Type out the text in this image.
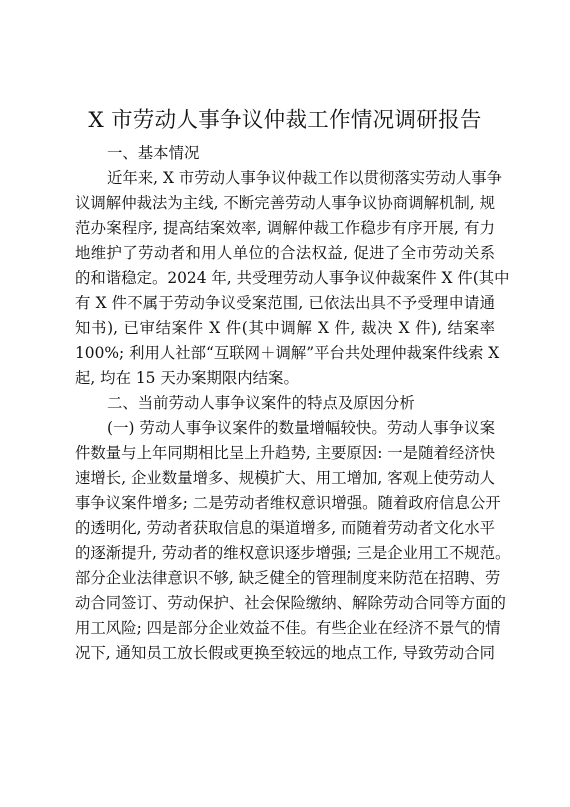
X 市劳动人事争议仲裁工作情况调研报告
一、基本情况
近年来, X 市劳动人事争议仲裁工作以贯彻落实劳动人事争
议调解仲裁法为主线, 不断完善劳动人事争议协商调解机制, 规
范办案程序, 提高结案效率, 调解仲裁工作稳步有序开展, 有力
地维护了劳动者和用人单位的合法权益, 促进了全市劳动关系
的和谐稳定。2024 年, 共受理劳动人事争议仲裁案件 X 件(其中
有 X 件不属于劳动争议受案范围, 已依法出具不予受理申请通
知书), 已审结案件 X 件(其中调解 X 件, 裁决 X 件), 结案率
100%; 利用人社部“互联网＋调解”平台共处理仲裁案件线索 X
起, 均在 15 天办案期限内结案。
二、当前劳动人事争议案件的特点及原因分析
(一) 劳动人事争议案件的数量增幅较快。劳动人事争议案
件数量与上年同期相比呈上升趋势, 主要原因: 一是随着经济快
速增长, 企业数量增多、规模扩大、用工增加, 客观上使劳动人
事争议案件增多; 二是劳动者维权意识增强。随着政府信息公开
的透明化, 劳动者获取信息的渠道增多, 而随着劳动者文化水平
的逐渐提升, 劳动者的维权意识逐步增强; 三是企业用工不规范。
部分企业法律意识不够, 缺乏健全的管理制度来防范在招聘、劳
动合同签订、劳动保护、社会保险缴纳、解除劳动合同等方面的
用工风险; 四是部分企业效益不佳。有些企业在经济不景气的情
况下, 通知员工放长假或更换至较远的地点工作, 导致劳动合同
